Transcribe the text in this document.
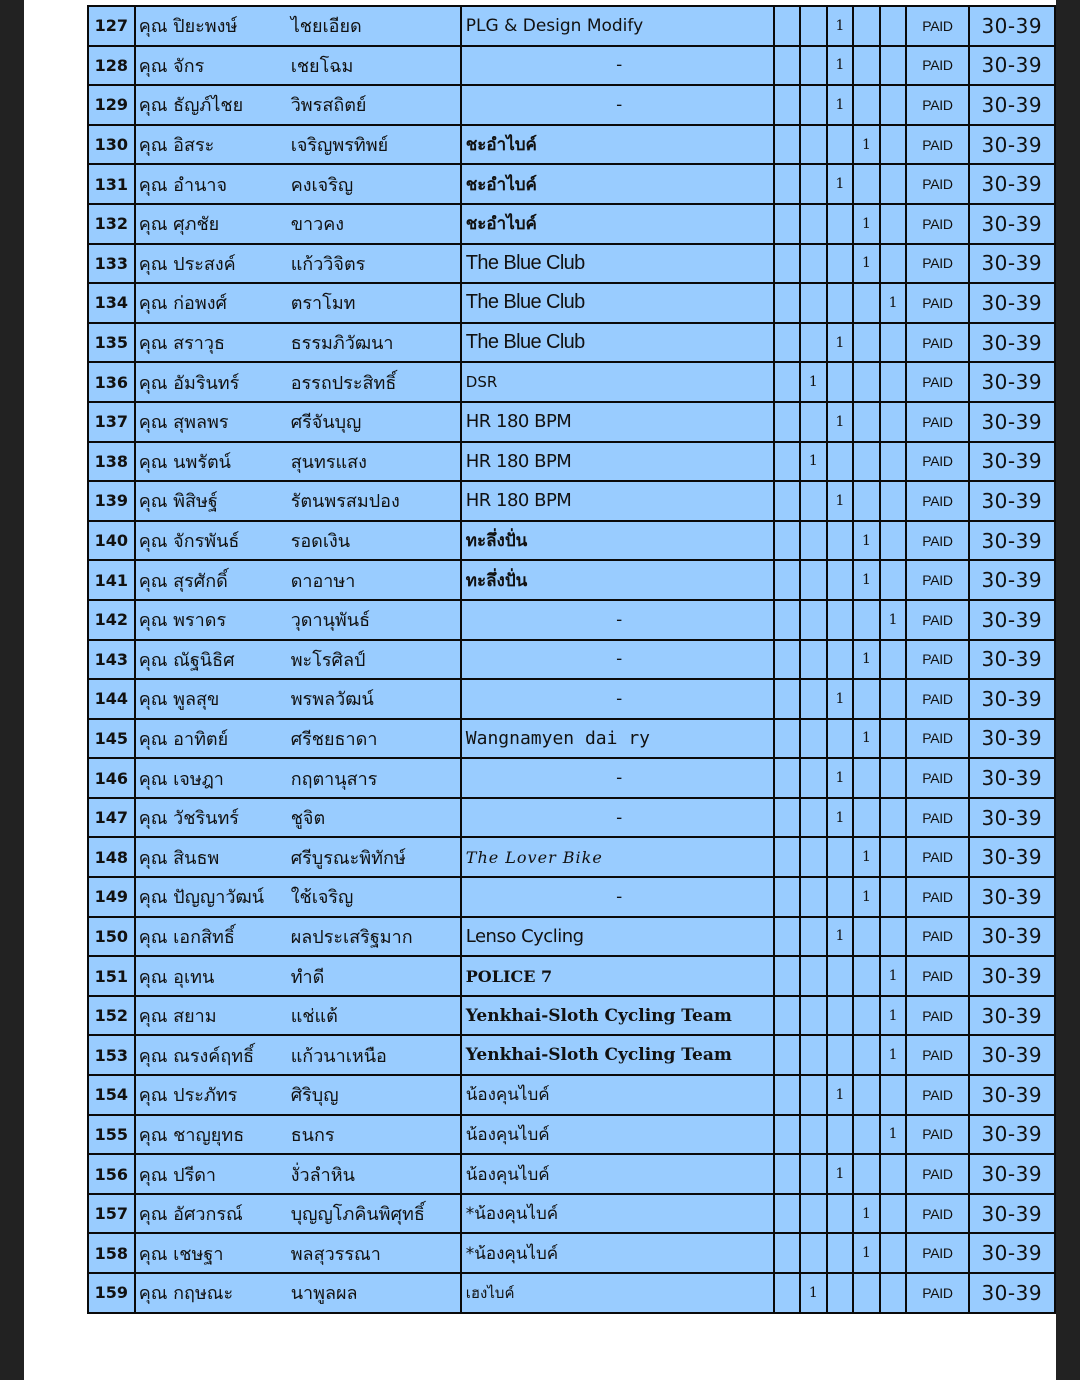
127	คุณ ปิยะพงษ์ ไชยเอียด	PLG & Design Modify			1			PAID	30-39
128	คุณ จักร เชยโฉม	-			1			PAID	30-39
129	คุณ ธัญภ์ไชย วิพรสถิตย์	-			1			PAID	30-39
130	คุณ อิสระ เจริญพรทิพย์	ชะอำไบค์				1		PAID	30-39
131	คุณ อำนาจ คงเจริญ	ชะอำไบค์			1			PAID	30-39
132	คุณ ศุภชัย ขาวคง	ชะอำไบค์				1		PAID	30-39
133	คุณ ประสงค์ แก้ววิจิตร	The Blue Club				1		PAID	30-39
134	คุณ ก่อพงศ์ ตราโมท	The Blue Club					1	PAID	30-39
135	คุณ สราวุธ ธรรมภิวัฒนา	The Blue Club			1			PAID	30-39
136	คุณ อัมรินทร์ อรรถประสิทธิ์	DSR		1				PAID	30-39
137	คุณ สุพลพร ศรีจันบุญ	HR 180 BPM			1			PAID	30-39
138	คุณ นพรัตน์ สุนทรแสง	HR 180 BPM		1				PAID	30-39
139	คุณ พิสิษฐ์ รัตนพรสมปอง	HR 180 BPM			1			PAID	30-39
140	คุณ จักรพันธ์ รอดเงิน	ทะลึ่งปั่น				1		PAID	30-39
141	คุณ สุรศักดิ์ ดาอาษา	ทะลึ่งปั่น				1		PAID	30-39
142	คุณ พราดร วุดานุพันธ์	-					1	PAID	30-39
143	คุณ ณัฐนิธิศ พะโรศิลป์	-				1		PAID	30-39
144	คุณ พูลสุข พรพลวัฒน์	-			1			PAID	30-39
145	คุณ อาทิตย์ ศรีชยธาดา	Wangnamyen dai ry				1		PAID	30-39
146	คุณ เจษฎา กฤตานุสาร	-			1			PAID	30-39
147	คุณ วัชรินทร์ ชูจิต	-			1			PAID	30-39
148	คุณ สินธพ ศรีบูรณะพิทักษ์	The Lover Bike				1		PAID	30-39
149	คุณ ปัญญาวัฒน์ ใช้เจริญ	-				1		PAID	30-39
150	คุณ เอกสิทธิ์ ผลประเสริฐมาก	Lenso Cycling			1			PAID	30-39
151	คุณ อุเทน ทำดี	POLICE 7					1	PAID	30-39
152	คุณ สยาม แช่แต้	Yenkhai-Sloth Cycling Team					1	PAID	30-39
153	คุณ ณรงค์ฤทธิ์ แก้วนาเหนือ	Yenkhai-Sloth Cycling Team					1	PAID	30-39
154	คุณ ประภัทร ศิริบุญ	น้องคุนไบค์			1			PAID	30-39
155	คุณ ชาญยุทธ ธนกร	น้องคุนไบค์					1	PAID	30-39
156	คุณ ปรีดา งั่วลำหิน	น้องคุนไบค์			1			PAID	30-39
157	คุณ อัศวกรณ์ บุญญโภคินพิศุทธิ์	*น้องคุนไบค์				1		PAID	30-39
158	คุณ เชษฐา พลสุวรรณา	*น้องคุนไบค์				1		PAID	30-39
159	คุณ กฤษณะ นาพูลผล	เฮงไบค์		1				PAID	30-39
